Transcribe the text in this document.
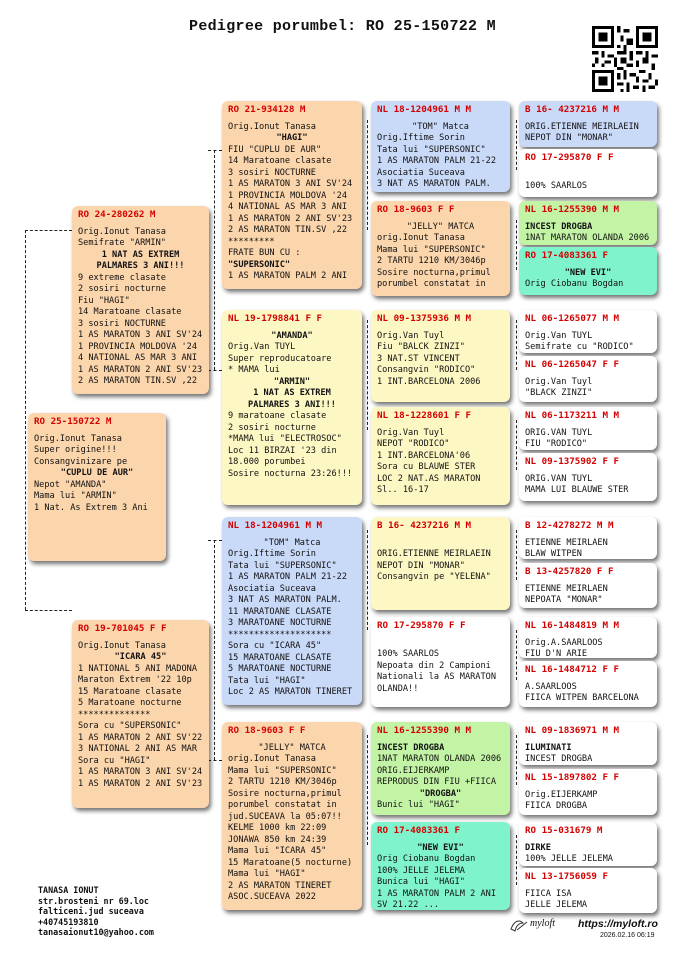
Pedigree porumbel: RO 25-150722 M
RO 25-150722 M
Orig.Ionut Tanasa
Super origine!!!
Consangvinizare pe
"CUPLU DE AUR"
Nepot "AMANDA"
Mama lui "ARMIN"
1 Nat. As Extrem 3 Ani
RO 24-280262 M
Orig.Ionut Tanasa
Semifrate "ARMIN"
1 NAT AS EXTREM
PALMARES 3 ANI!!!
9 extreme clasate
2 sosiri nocturne
Fiu "HAGI"
14 Maratoane clasate
3 sosiri NOCTURNE
1 AS MARATON 3 ANI SV'24
1 PROVINCIA MOLDOVA '24
4 NATIONAL AS MAR 3 ANI
1 AS MARATON 2 ANI SV'23
2 AS MARATON TIN.SV ,22
RO 19-701045 F F
Orig.Ionut Tanasa
"ICARA 45"
1 NATIONAL 5 ANI MADONA
Maraton Extrem '22 10p
15 Maratoane clasate
5 Maratoane nocturne
**************
Sora cu "SUPERSONIC"
1 AS MARATON 2 ANI SV'22
3 NATIONAL 2 ANI AS MAR
Sora cu "HAGI"
1 AS MARATON 3 ANI SV'24
1 AS MARATON 2 ANI SV'23
RO 21-934128 M
Orig.Ionut Tanasa
"HAGI"
FIU "CUPLU DE AUR"
14 Maratoane clasate
3 sosiri NOCTURNE
1 AS MARATON 3 ANI SV'24
1 PROVINCIA MOLDOVA '24
4 NATIONAL AS MAR 3 ANI
1 AS MARATON 2 ANI SV'23
2 AS MARATON TIN.SV ,22
*********
FRATE BUN CU :
"SUPERSONIC"
1 AS MARATON PALM 2 ANI
NL 19-1798841 F F
"AMANDA"
Orig.Van TUYL
Super reproducatoare
* MAMA lui
"ARMIN"
1 NAT AS EXTREM
PALMARES 3 ANI!!!
9 maratoane clasate
2 sosiri nocturne
*MAMA lui "ELECTROSOC"
Loc 11 BIRZAI '23 din
18.000 porumbei
Sosire nocturna 23:26!!!
NL 18-1204961 M M
"TOM" Matca
Orig.Iftime Sorin
Tata lui "SUPERSONIC"
1 AS MARATON PALM 21-22
Asociatia Suceava
3 NAT AS MARATON PALM.
11 MARATOANE CLASATE
3 MARATOANE NOCTURNE
********************
Sora cu "ICARA 45"
15 MARATOANE CLASATE
5 MARATOANE NOCTURNE
Tata lui "HAGI"
Loc 2 AS MARATON TINERET
RO 18-9603 F F
"JELLY" MATCA
orig.Ionut Tanasa
Mama lui "SUPERSONIC"
2 TARTU 1210 KM/3046p
Sosire nocturna,primul
porumbel constatat in
jud.SUCEAVA la 05:07!!
KELME 1000 km 22:09
JONAWA 850 km 24:39
Mama lui "ICARA 45"
15 Maratoane(5 nocturne)
Mama lui "HAGI"
2 AS MARATON TINERET
ASOC.SUCEAVA 2022
NL 18-1204961 M M
"TOM" Matca
Orig.Iftime Sorin
Tata lui "SUPERSONIC"
1 AS MARATON PALM 21-22
Asociatia Suceava
3 NAT AS MARATON PALM.
RO 18-9603 F F
"JELLY" MATCA
orig.Ionut Tanasa
Mama lui "SUPERSONIC"
2 TARTU 1210 KM/3046p
Sosire nocturna,primul
porumbel constatat in
NL 09-1375936 M M
Orig.Van Tuyl
Fiu "BALCK ZINZI"
3 NAT.ST VINCENT
Consangvin "RODICO"
1 INT.BARCELONA 2006
NL 18-1228601 F F
Orig.Van Tuyl
NEPOT "RODICO"
1 INT.BARCELONA'06
Sora cu BLAUWE STER
LOC 2 NAT.AS MARATON
Sl.. 16-17
B 16- 4237216 M M

ORIG.ETIENNE MEIRLAEIN
NEPOT DIN "MONAR"
Consangvin pe "YELENA"
RO 17-295870 F F

100% SAARLOS
Nepoata din 2 Campioni
Nationali la AS MARATON
OLANDA!!
NL 16-1255390 M M
INCEST DROGBA
1NAT MARATON OLANDA 2006
ORIG.EIJERKAMP
REPRODUS DIN FIU +FIICA
"DROGBA"
Bunic lui "HAGI"
RO 17-4083361 F
"NEW EVI"
Orig Ciobanu Bogdan
100% JELLE JELEMA
Bunica lui "HAGI"
1 AS MARATON PALM 2 ANI
SV 21.22 ...
B 16- 4237216 M M
ORIG.ETIENNE MEIRLAEIN
NEPOT DIN "MONAR"
RO 17-295870 F F

100% SAARLOS
NL 16-1255390 M M
INCEST DROGBA
1NAT MARATON OLANDA 2006
RO 17-4083361 F
"NEW EVI"
Orig Ciobanu Bogdan
NL 06-1265077 M M
Orig.Van TUYL
Semifrate cu "RODICO"
NL 06-1265047 F F
Orig.Van Tuyl
"BLACK ZINZI"
NL 06-1173211 M M
ORIG.VAN TUYL
FIU "RODICO"
NL 09-1375902 F F
ORIG.VAN TUYL
MAMA LUI BLAUWE STER
B 12-4278272 M M
ETIENNE MEIRLAEN
BLAW WITPEN
B 13-4257820 F F
ETIENNE MEIRLAEN
NEPOATA "MONAR"
NL 16-1484819 M M
Orig.A.SAARLOOS
FIU D'N ARIE
NL 16-1484712 F F
A.SAARLOOS
FIICA WITPEN BARCELONA
NL 09-1836971 M M
ILUMINATI
INCEST DROGBA
NL 15-1897802 F F
Orig.EIJERKAMP
FIICA DROGBA
RO 15-031679 M
DIRKE
100% JELLE JELEMA
NL 13-1756059 F
FIICA ISA
JELLE JELEMA
TANASA IONUT
str.brosteni nr 69.loc
falticeni.jud suceava
+40745193810
tanasaionut10@yahoo.com
myloft https://myloft.ro
2026.02.16 06:19
